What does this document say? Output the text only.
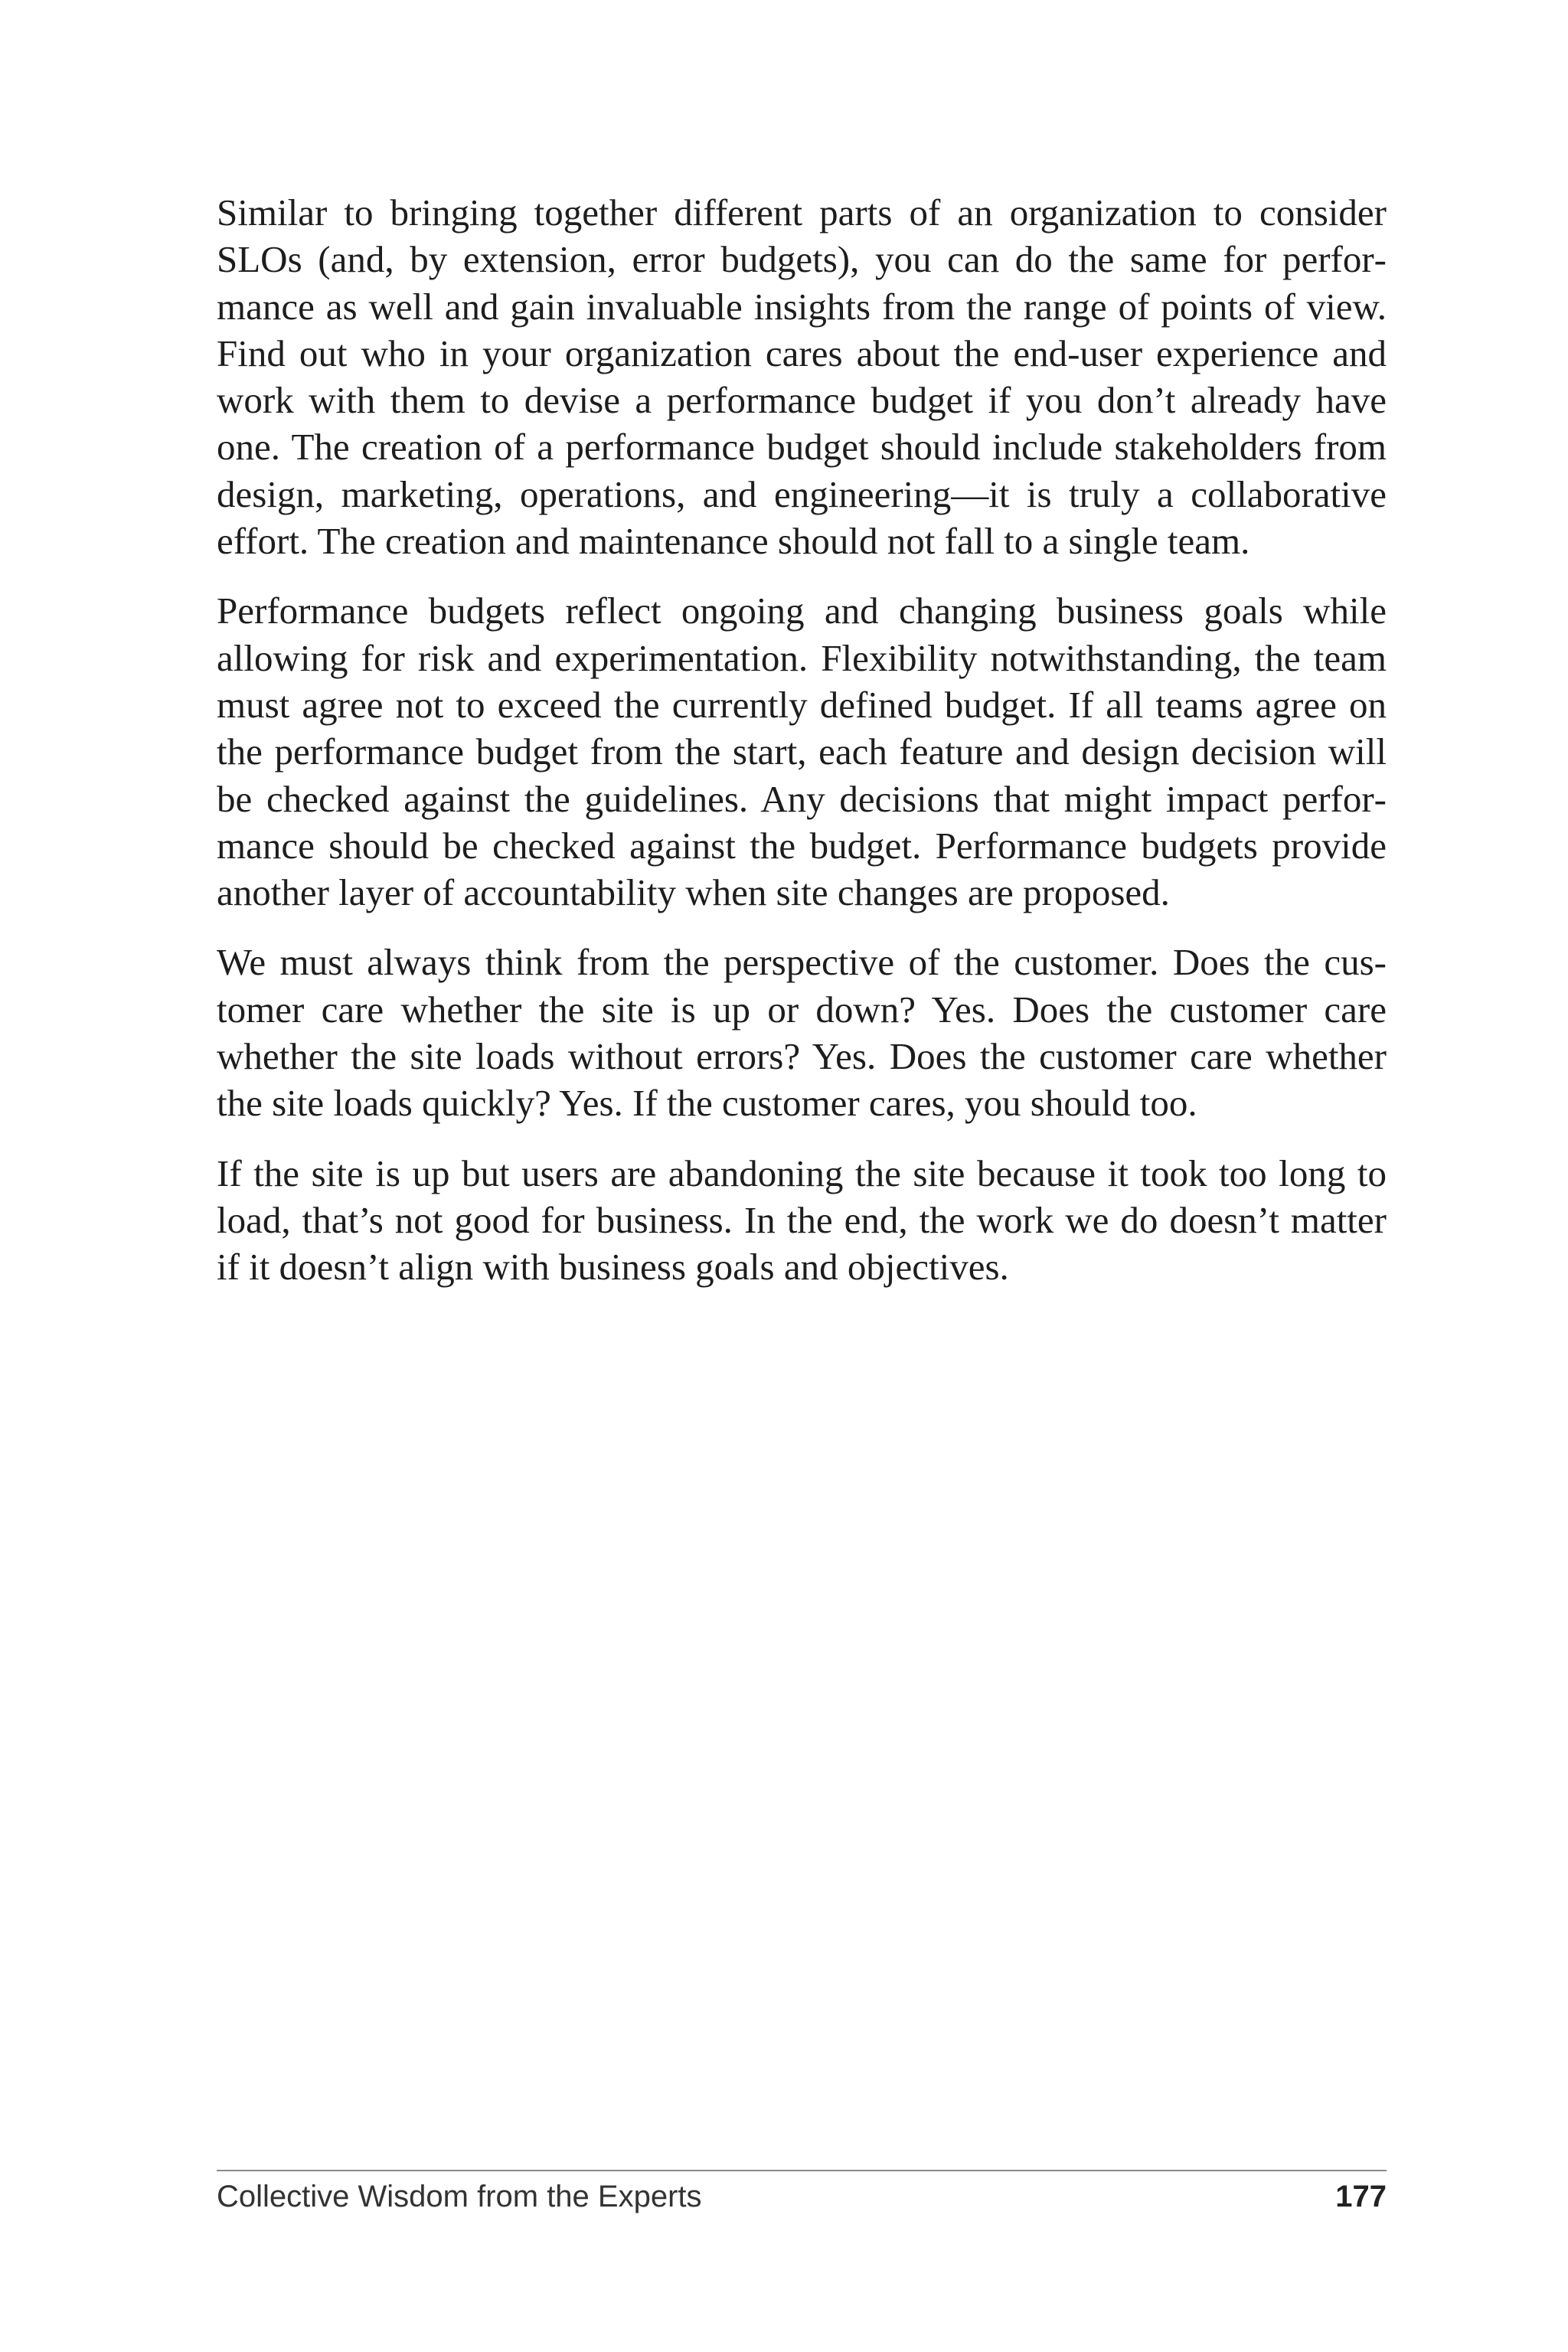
Similar to bringing together different parts of an organization to consider SLOs (and, by extension, error budgets), you can do the same for performance as well and gain invaluable insights from the range of points of view. Find out who in your organization cares about the end-user experience and work with them to devise a performance budget if you don’t already have one. The creation of a performance budget should include stakeholders from design, marketing, operations, and engineering—it is truly a collaborative effort. The creation and maintenance should not fall to a single team.

Performance budgets reflect ongoing and changing business goals while allowing for risk and experimentation. Flexibility notwithstanding, the team must agree not to exceed the currently defined budget. If all teams agree on the performance budget from the start, each feature and design decision will be checked against the guidelines. Any decisions that might impact performance should be checked against the budget. Performance budgets provide another layer of accountability when site changes are proposed.

We must always think from the perspective of the customer. Does the customer care whether the site is up or down? Yes. Does the customer care whether the site loads without errors? Yes. Does the customer care whether the site loads quickly? Yes. If the customer cares, you should too.

If the site is up but users are abandoning the site because it took too long to load, that’s not good for business. In the end, the work we do doesn’t matter if it doesn’t align with business goals and objectives.

Collective Wisdom from the Experts	177
